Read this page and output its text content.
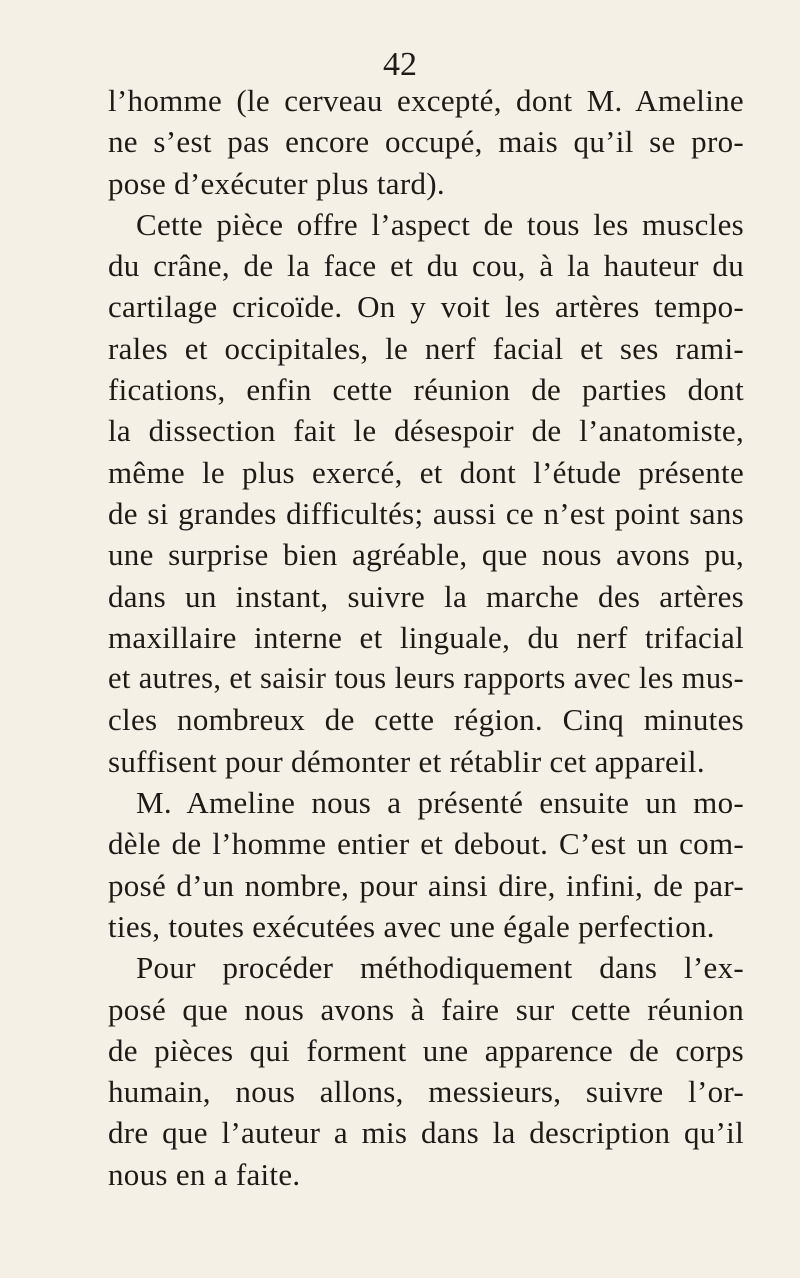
42
l’homme (le cerveau excepté, dont M. Ameline
ne s’est pas encore occupé, mais qu’il se pro-
pose d’exécuter plus tard).
Cette pièce offre l’aspect de tous les muscles
du crâne, de la face et du cou, à la hauteur du
cartilage cricoïde. On y voit les artères tempo-
rales et occipitales, le nerf facial et ses rami-
fications, enfin cette réunion de parties dont
la dissection fait le désespoir de l’anatomiste,
même le plus exercé, et dont l’étude présente
de si grandes difficultés; aussi ce n’est point sans
une surprise bien agréable, que nous avons pu,
dans un instant, suivre la marche des artères
maxillaire interne et linguale, du nerf trifacial
et autres, et saisir tous leurs rapports avec les mus-
cles nombreux de cette région. Cinq minutes
suffisent pour démonter et rétablir cet appareil.
M. Ameline nous a présenté ensuite un mo-
dèle de l’homme entier et debout. C’est un com-
posé d’un nombre, pour ainsi dire, infini, de par-
ties, toutes exécutées avec une égale perfection.
Pour procéder méthodiquement dans l’ex-
posé que nous avons à faire sur cette réunion
de pièces qui forment une apparence de corps
humain, nous allons, messieurs, suivre l’or-
dre que l’auteur a mis dans la description qu’il
nous en a faite.
